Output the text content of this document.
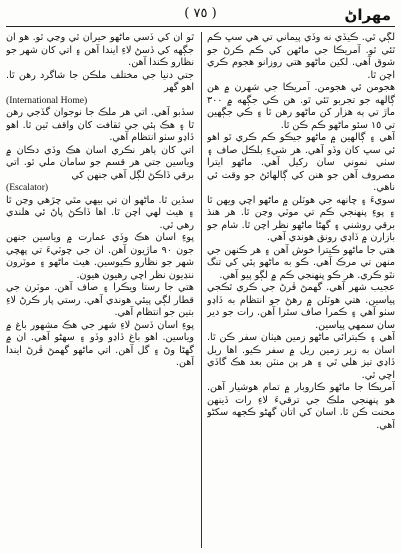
مهراڻ
( ٧٥ )

لڳي ٿي. ڪيڏي نه وڏي پيماني تي هي سڀ ڪم ٿئي ٿو. آمريڪا جي ماڻهن کي ڪم ڪرڻ جو شوق آهي. لکين ماڻهو هتي روزانو هجوم ڪري اچن ٿا.

هجومن ئي هجومن. آمريڪا جي شهرن ۾ هن ڳالهه جو تجربو ٿئي ٿو. هن ڪي جڳهه ۾ ٣٠٠ ماڙ تي ٻه هزار کن ماڻهو رهن ٿا ۽ ڪي جڳهين تي ١٥ سئو ماڻهو ڪم ڪن ٿا.

آهي ۽ ڳالهين ۾ ماڻهو جيڪو ڪم ڪري ٿو اهو ئي سڀ کان وڏو آهي. هر شيءِ بلڪل صاف ۽ سٺي نموني سان رکيل آهي. ماڻهو ايترا مصروف آهن جو هنن کي ڳالهائڻ جو وقت ئي ناهي.

سويءَ ۽ چانهه جي هوٽلن ۾ ماڻهو اچي ويهن ٿا ۽ پوءِ پنهنجي ڪم تي موٽي وڃن ٿا. هر هنڌ برقي روشني ۽ گهڻا ماڻهو نظر اچن ٿا. شام جو بازارن ۾ ڏاڍي رونق هوندي آهي.

هتي جا ماڻهو ڪيترا خوش آهن ۽ هر ڪنهن جي منهن تي مرڪ آهي. ڪو به ماڻهو ٻئي کي تنگ نٿو ڪري. هر ڪو پنهنجي ڪم ۾ لڳو پيو آهي.

عجيب شهر آهي. گهمڻ ڦرڻ جي ڪري ٿڪجي پياسين. هتي هوٽلن ۾ رهڻ جو انتظام به ڏاڍو سٺو آهي ۽ ڪمرا صاف سٿرا آهن. رات جو دير سان سمهي پياسين.

آهي ۽ ڪيترائي ماڻهو زمين هيٺان سفر ڪن ٿا. اسان به زير زمين ريل ۾ سفر ڪيو. اها ريل ڏاڍي تيز هلي ٿي ۽ هر ٻن منٽن بعد هڪ گاڏي اچي ٿي.

آمريڪا جا ماڻهو ڪاروبار ۾ تمام هوشيار آهن. هو پنهنجي ملڪ جي ترقيءَ لاءِ رات ڏينهن محنت ڪن ٿا. اسان کي اتان گهڻو ڪجهه سکڻو آهي.

ٿو ان کي ڏسي ماڻهو حيران ٿي وڃي ٿو. هو ان جڳهه کي ڏسڻ لاءِ ايندا آهن ۽ اتي کان شهر جو نظارو ڪندا آهن.

جتي دنيا جي مختلف ملڪن جا شاگرد رهن ٿا. اهو گهر

(International Home)

سڏبو آهي. اتي هر ملڪ جا نوجوان گڏجي رهن ٿا ۽ هڪ ٻئي جي ثقافت کان واقف ٿين ٿا. اهو ڏاڍو سٺو انتظام آهي.

اتي کان ٻاهر نڪري اسان هڪ وڏي دڪان ۾ وياسين جتي هر قسم جو سامان ملي ٿو. اتي برقي ڏاڪڻ لڳل آهي جنهن کي

(Escalator)

سڏين ٿا. ماڻهو ان تي بيهي مٿي چڙهي وڃن ٿا ۽ هيٺ لهي اچن ٿا. اها ڏاڪڻ پاڻ ئي هلندي رهي ٿي.

پوءِ اسان هڪ وڏي عمارت ۾ وياسين جنهن جون ٩٠ ماڙيون آهن. ان جي چوٽيءَ تي پهچي شهر جو نظارو ڪيوسين. هيٺ ماڻهو ۽ موٽرون ننڍيون نظر اچي رهيون هيون.

هتي جا رستا ويڪرا ۽ صاف آهن. موٽرن جي قطار لڳي پيئي هوندي آهي. رستي پار ڪرڻ لاءِ بتين جو انتظام آهي.

پوءِ اسان ڏسڻ لاءِ شهر جي هڪ مشهور باغ ۾ وياسين. اهو باغ ڏاڍو وڏو ۽ سهڻو آهي. ان ۾ گهڻا وڻ ۽ گل آهن. اتي ماڻهو گهمڻ ڦرڻ ايندا آهن.
